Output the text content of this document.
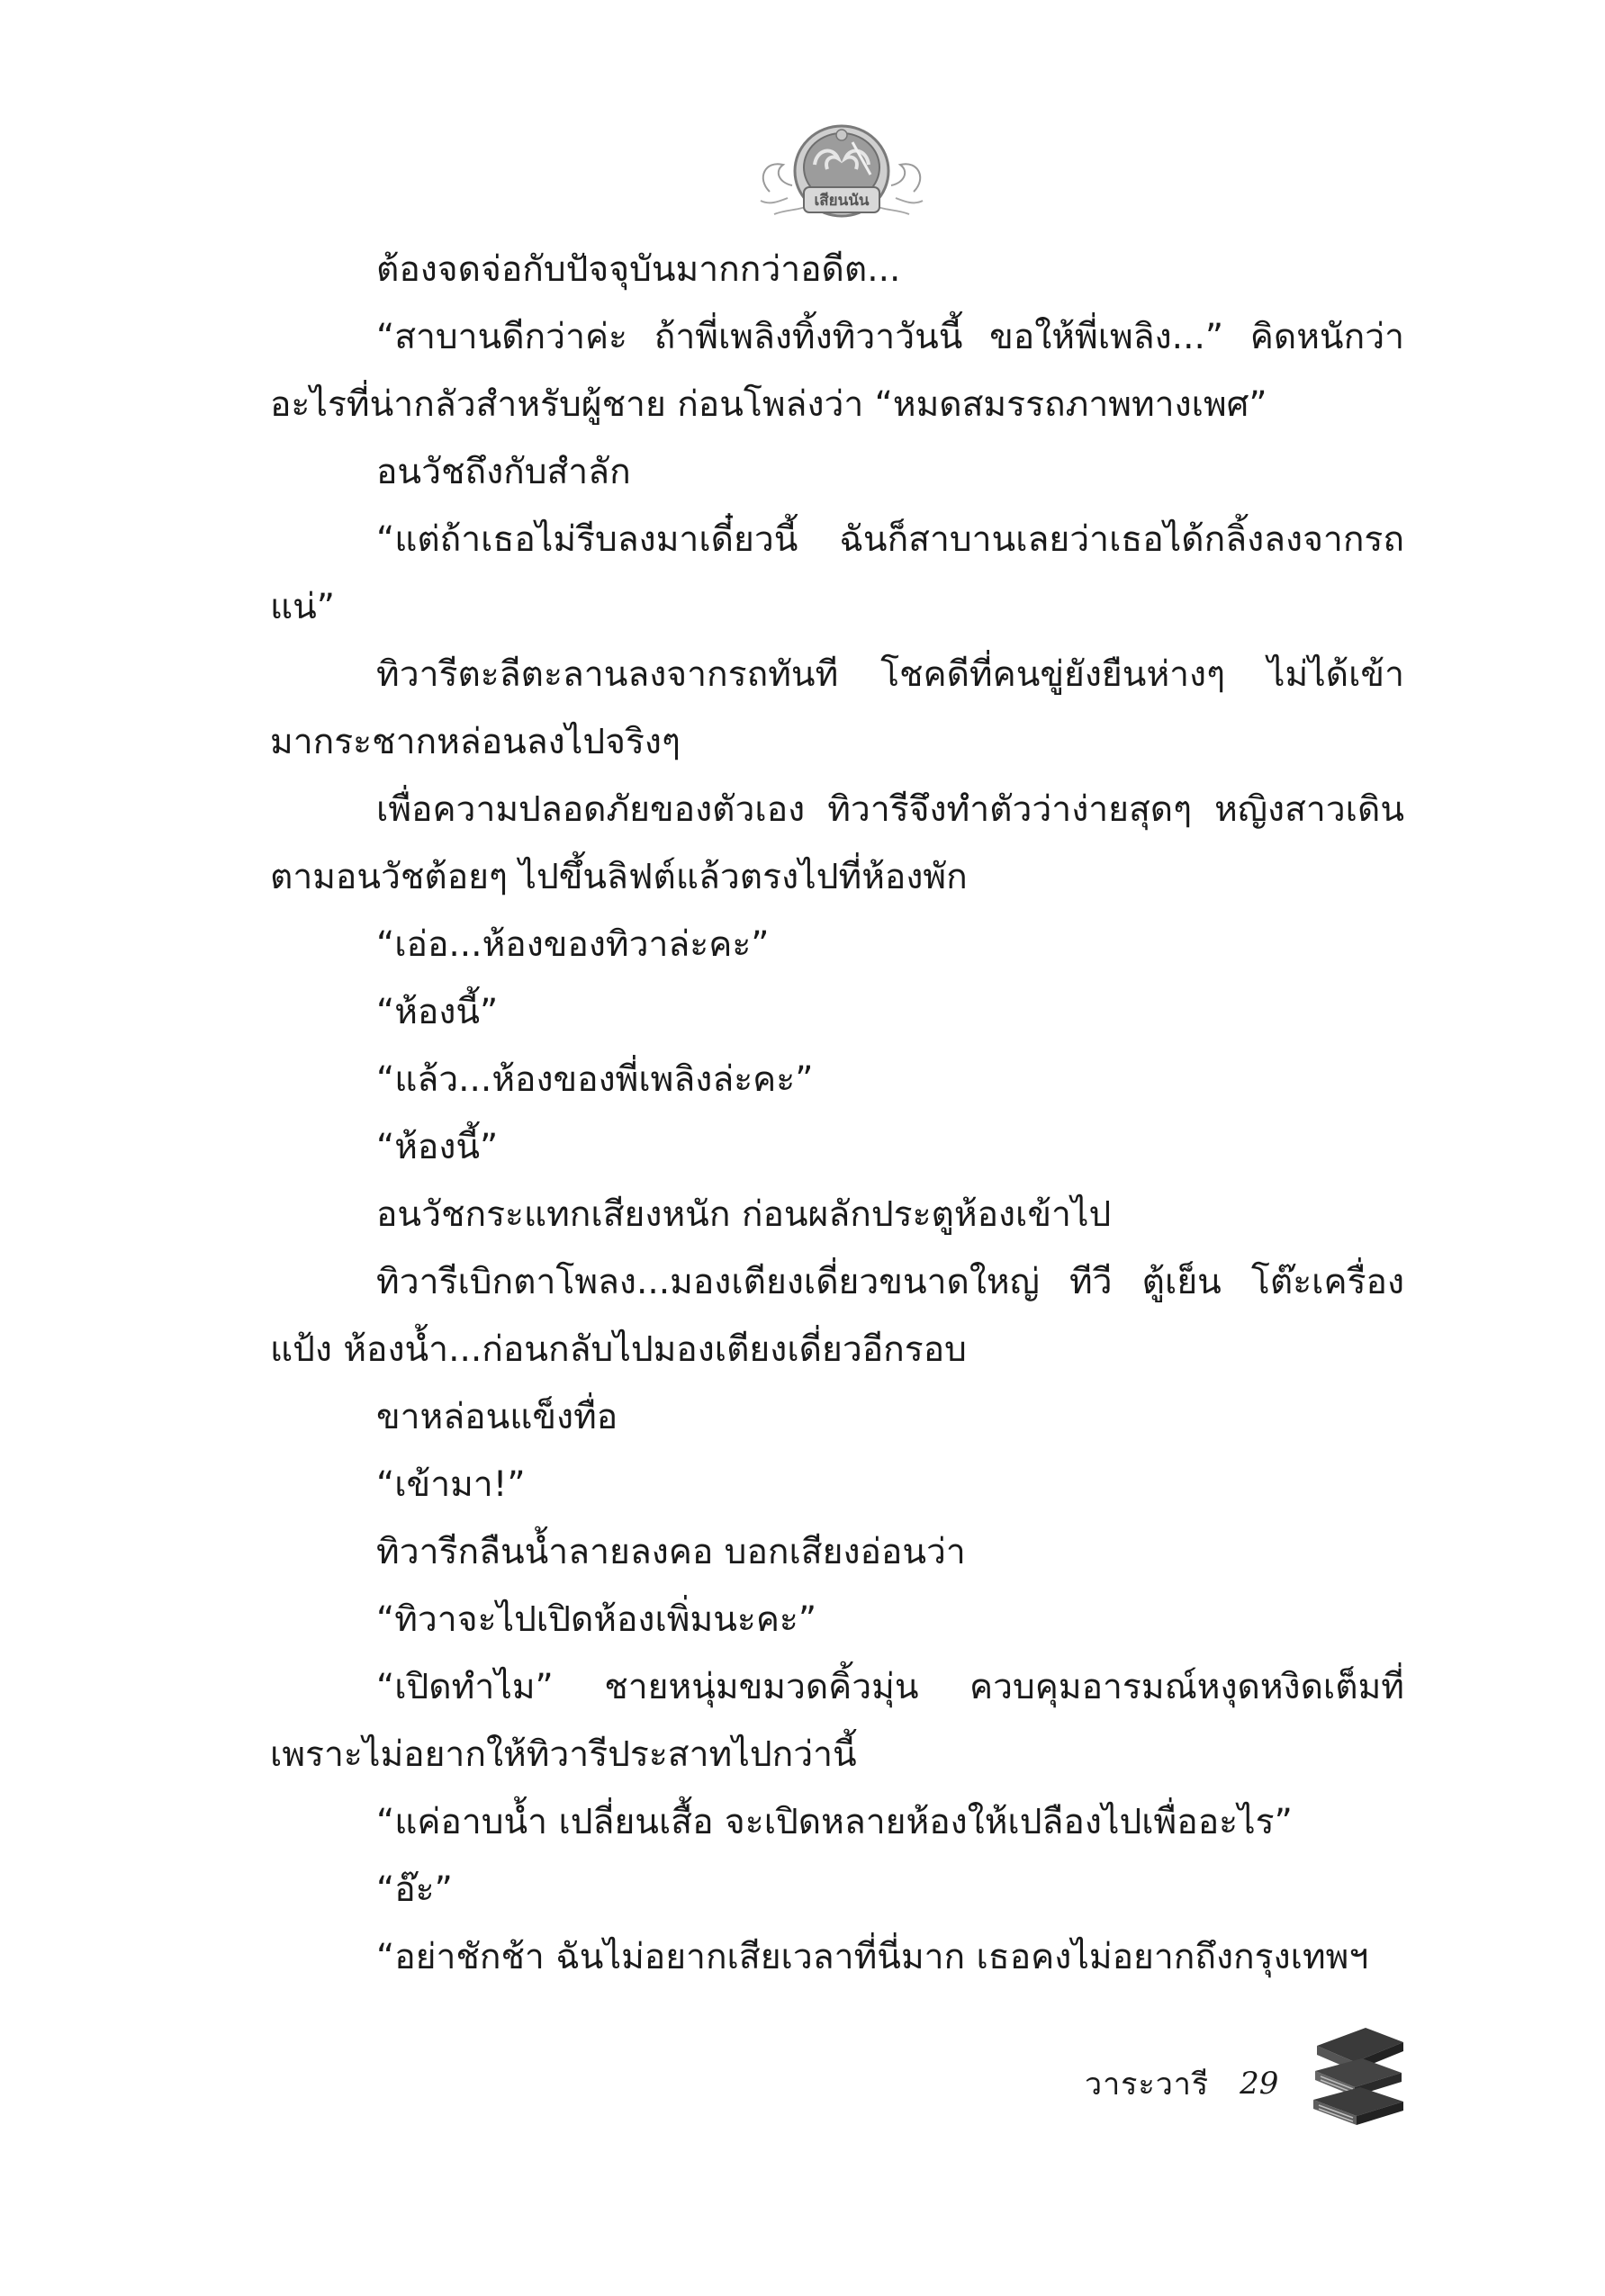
เสียนนัน

ต้องจดจ่อกับปัจจุบันมากกว่าอดีต...

“สาบานดีกว่าค่ะ ถ้าพี่เพลิงทิ้งทิวาวันนี้ ขอให้พี่เพลิง...” คิดหนักว่าอะไรที่น่ากลัวสำหรับผู้ชาย ก่อนโพล่งว่า “หมดสมรรถภาพทางเพศ”

อนวัชถึงกับสำลัก

“แต่ถ้าเธอไม่รีบลงมาเดี๋ยวนี้ ฉันก็สาบานเลยว่าเธอได้กลิ้งลงจากรถแน่”

ทิวารีตะลีตะลานลงจากรถทันที โชคดีที่คนขู่ยังยืนห่างๆ ไม่ได้เข้ามากระชากหล่อนลงไปจริงๆ

เพื่อความปลอดภัยของตัวเอง ทิวารีจึงทำตัวว่าง่ายสุดๆ หญิงสาวเดินตามอนวัชต้อยๆ ไปขึ้นลิฟต์แล้วตรงไปที่ห้องพัก

“เอ่อ...ห้องของทิวาล่ะคะ”

“ห้องนี้”

“แล้ว...ห้องของพี่เพลิงล่ะคะ”

“ห้องนี้”

อนวัชกระแทกเสียงหนัก ก่อนผลักประตูห้องเข้าไป

ทิวารีเบิกตาโพลง...มองเตียงเดี่ยวขนาดใหญ่ ทีวี ตู้เย็น โต๊ะเครื่องแป้ง ห้องน้ำ...ก่อนกลับไปมองเตียงเดี่ยวอีกรอบ

ขาหล่อนแข็งทื่อ

“เข้ามา!”

ทิวารีกลืนน้ำลายลงคอ บอกเสียงอ่อนว่า

“ทิวาจะไปเปิดห้องเพิ่มนะคะ”

“เปิดทำไม” ชายหนุ่มขมวดคิ้วมุ่น ควบคุมอารมณ์หงุดหงิดเต็มที่ เพราะไม่อยากให้ทิวารีประสาทไปกว่านี้

“แค่อาบน้ำ เปลี่ยนเสื้อ จะเปิดหลายห้องให้เปลืองไปเพื่ออะไร”

“อ๊ะ”

“อย่าชักช้า ฉันไม่อยากเสียเวลาที่นี่มาก เธอคงไม่อยากถึงกรุงเทพฯ

วาระวารี 29
